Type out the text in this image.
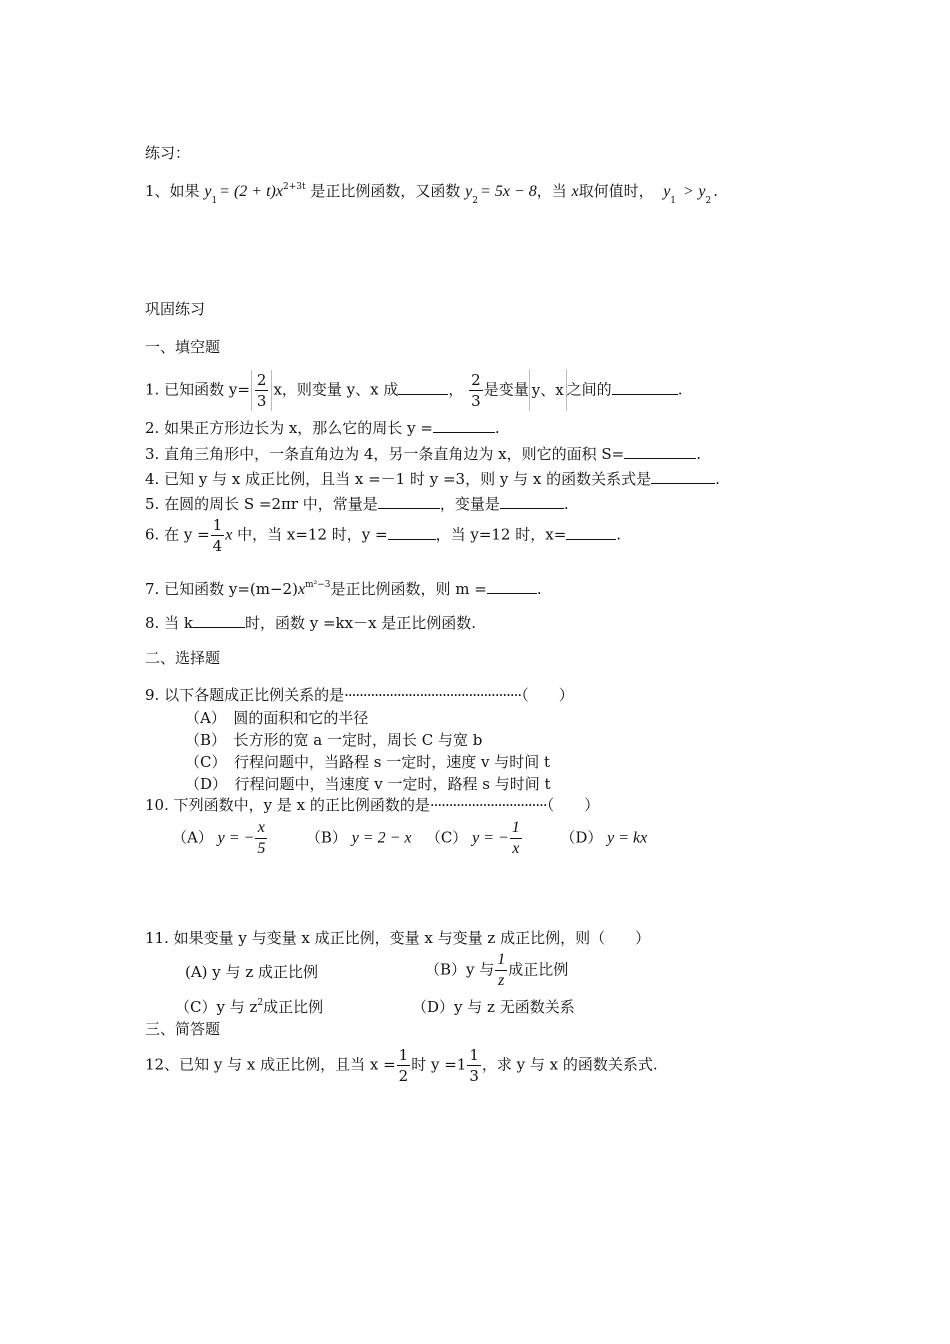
练习：
1、如果 $y_1= (2 + t)x^{2+3t}$ 是正比例函数，又函数 $y_2= 5x - 8$，当 x取何值时， $y_1 > y_2$.
巩固练习
一、填空题
1. 已知函数 $y= \frac{2}{3}$ x，则变量 y、x 成	， $\frac{2}{3}$ 是变量 y、x 之间的	.
2. 如果正方形边长为 x，那么它的周长 y =	.
3. 直角三角形中，一条直角边为 4，另一条直角边为 x，则它的面积 S=	.
4. 已知 y 与 x 成正比例，且当 x =－1 时 y =3，则 y 与 x 的函数关系式是	.
5. 在圆的周长 S =2πr 中，常量是	，变量是	.
6. 在 $y = \frac{1}{4}$ x 中，当 x=12 时，y =	，当 y=12 时，x=	.
7. 已知函数 $y=(m-2)x^{m^2-3}$是正比例函数，则 m =	.
8. 当 k	时，函数 y =kx－x 是正比例函数.
二、选择题
9. 以下各题成正比例关系的是···············································（　　）
（A）　圆的面积和它的半径
（B）　长方形的宽 a 一定时，周长 C 与宽 b
（C）　行程问题中，当路程 s 一定时，速度 v 与时间 t
（D）　行程问题中，当速度 v 一定时，路程 s 与时间 t
10. 下列函数中，y 是 x 的正比例函数的是·······························（　　）
（A） y = − $\frac{x}{5}$	（B） y = 2 − x （C） y = − $\frac{1}{x}$	（D） y = kx
11. 如果变量 y 与变量 x 成正比例，变量 x 与变量 z 成正比例，则（　　）
(A) y 与 z 成正比例	（B）y 与 $\frac{1}{z}$ 成正比例
（C）y 与 $z^2$成正比例	（D）y 与 z 无函数关系
三、简答题
12、已知 y 与 x 成正比例，且当 $x = \frac{1}{2}$ 时 $y =1 \frac{1}{3}$ ，求 y 与 x 的函数关系式.
